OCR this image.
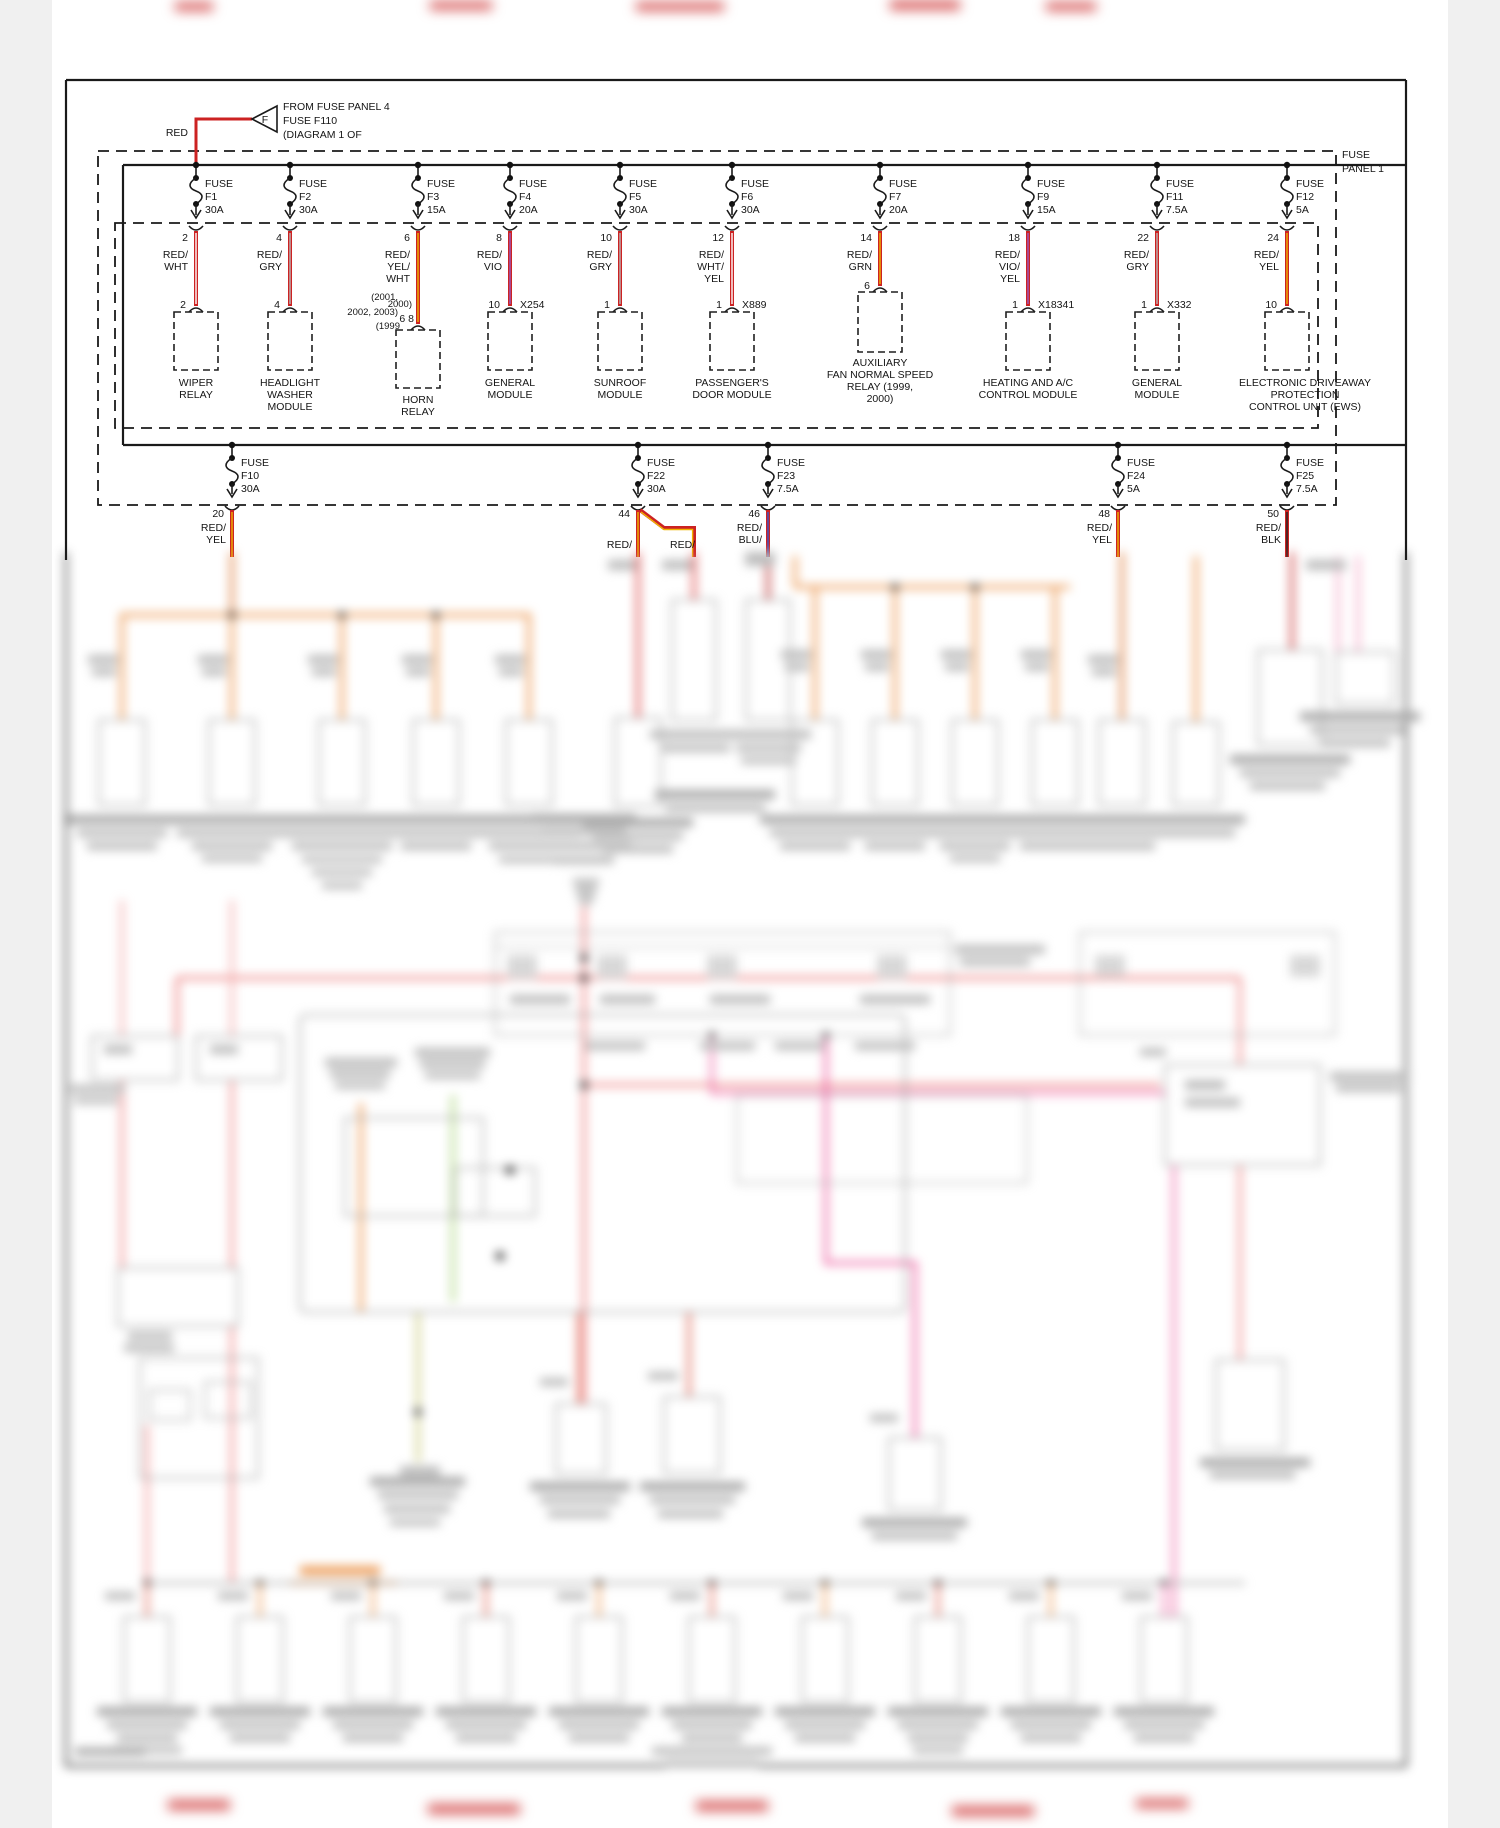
F
RED
FROM FUSE PANEL 4
FUSE F110
(DIAGRAM 1 OF
FUSE
PANEL 1
FUSE
F1
30A
2
RED/
WHT
2
WIPER
RELAY
FUSE
F2
30A
4
RED/
GRY
4
HEADLIGHT
WASHER
MODULE
FUSE
F3
15A
6
RED/
YEL/
WHT
(2001,
2000)
2002, 2003)
(1999
6 8
HORN
RELAY
FUSE
F4
20A
8
RED/
VIO
10 X254
GENERAL
MODULE
FUSE
F5
30A
10
RED/
GRY
1
SUNROOF
MODULE
FUSE
F6
30A
12
RED/
WHT/
YEL
1 X889
PASSENGER'S
DOOR MODULE
FUSE
F7
20A
14
RED/
GRN
6
AUXILIARY
FAN NORMAL SPEED
RELAY (1999,
2000)
FUSE
F9
15A
18
RED/
VIO/
YEL
1 X18341
HEATING AND A/C
CONTROL MODULE
FUSE
F11
7.5A
22
RED/
GRY
1 X332
GENERAL
MODULE
FUSE
F12
5A
24
RED/
YEL
10
ELECTRONIC DRIVEAWAY
PROTECTION
CONTROL UNIT (EWS)
FUSE
F10
30A
20
RED/
YEL
FUSE
F22
30A
44
RED/	RED/
FUSE
F23
7.5A
46
RED/
BLU/
FUSE
F24
5A
48
RED/
YEL
FUSE
F25
7.5A
50
RED/
BLK
